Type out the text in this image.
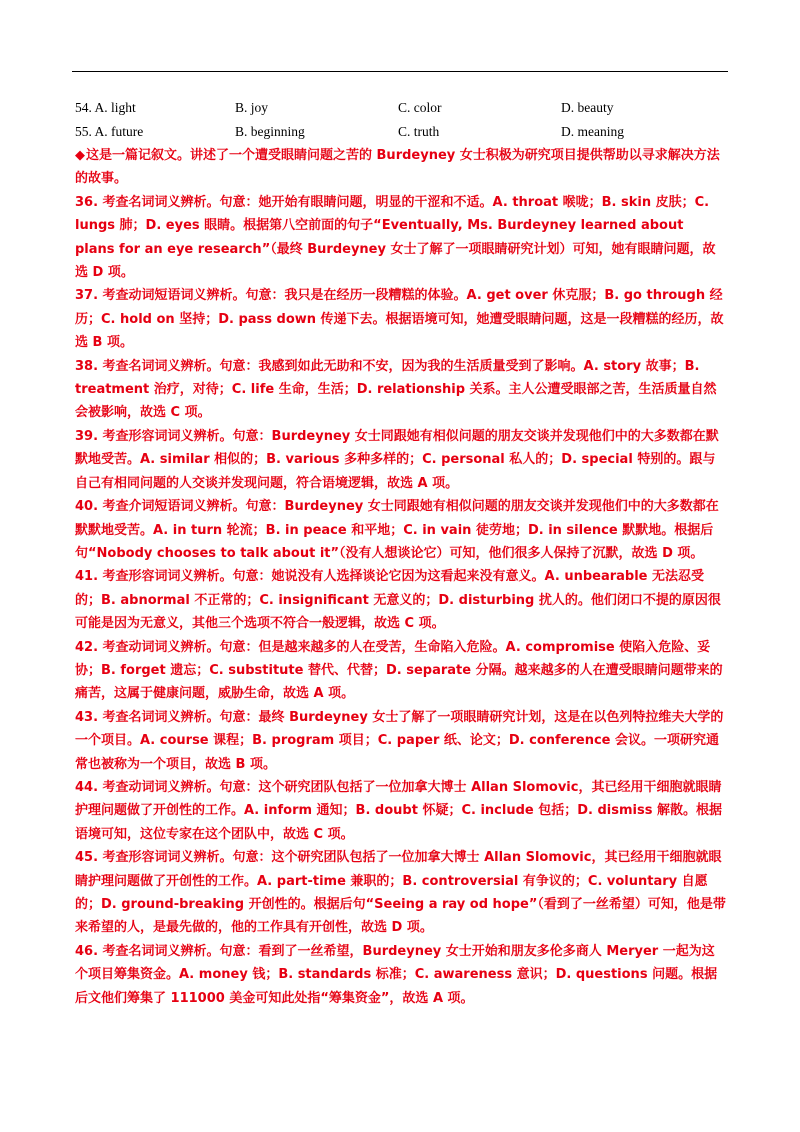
54. A. light	B. joy	C. color	D. beauty
55. A. future	B. beginning	C. truth	D. meaning

◆这是一篇记叙文。讲述了一个遭受眼睛问题之苦的 Burdeyney 女士积极为研究项目提供帮助以寻求解决方法的故事。

36. 考查名词词义辨析。句意：她开始有眼睛问题，明显的干涩和不适。A. throat 喉咙；B. skin 皮肤；C. lungs 肺；D. eyes 眼睛。根据第八空前面的句子“Eventually, Ms. Burdeyney learned about plans for an eye research”（最终 Burdeyney 女士了解了一项眼睛研究计划）可知，她有眼睛问题，故选 D 项。

37. 考查动词短语词义辨析。句意：我只是在经历一段糟糕的体验。A. get over 休克服；B. go through 经历；C. hold on 坚持；D. pass down 传递下去。根据语境可知，她遭受眼睛问题，这是一段糟糕的经历，故选 B 项。

38. 考查名词词义辨析。句意：我感到如此无助和不安，因为我的生活质量受到了影响。A. story 故事；B. treatment 治疗，对待；C. life 生命，生活；D. relationship 关系。主人公遭受眼部之苦，生活质量自然会被影响，故选 C 项。

39. 考查形容词词义辨析。句意：Burdeyney 女士同跟她有相似问题的朋友交谈并发现他们中的大多数都在默默地受苦。A. similar 相似的；B. various 多种多样的；C. personal 私人的；D. special 特别的。跟与自己有相同问题的人交谈并发现问题，符合语境逻辑，故选 A 项。

40. 考查介词短语词义辨析。句意：Burdeyney 女士同跟她有相似问题的朋友交谈并发现他们中的大多数都在默默地受苦。A. in turn 轮流；B. in peace 和平地；C. in vain 徒劳地；D. in silence 默默地。根据后句“Nobody chooses to talk about it”（没有人想谈论它）可知，他们很多人保持了沉默，故选 D 项。

41. 考查形容词词义辨析。句意：她说没有人选择谈论它因为这看起来没有意义。A. unbearable 无法忍受的；B. abnormal 不正常的；C. insignificant 无意义的；D. disturbing 扰人的。他们闭口不提的原因很可能是因为无意义，其他三个选项不符合一般逻辑，故选 C 项。

42. 考查动词词义辨析。句意：但是越来越多的人在受苦，生命陷入危险。A. compromise 使陷入危险、妥协；B. forget 遗忘；C. substitute 替代、代替；D. separate 分隔。越来越多的人在遭受眼睛问题带来的痛苦，这属于健康问题，威胁生命，故选 A 项。

43. 考查名词词义辨析。句意：最终 Burdeyney 女士了解了一项眼睛研究计划，这是在以色列特拉维夫大学的一个项目。A. course 课程；B. program 项目；C. paper 纸、论文；D. conference 会议。一项研究通常也被称为一个项目，故选 B 项。

44. 考查动词词义辨析。句意：这个研究团队包括了一位加拿大博士 Allan Slomovic，其已经用干细胞就眼睛护理问题做了开创性的工作。A. inform 通知；B. doubt 怀疑；C. include 包括；D. dismiss 解散。根据语境可知，这位专家在这个团队中，故选 C 项。

45. 考查形容词词义辨析。句意：这个研究团队包括了一位加拿大博士 Allan Slomovic，其已经用干细胞就眼睛护理问题做了开创性的工作。A. part-time 兼职的；B. controversial 有争议的；C. voluntary 自愿的；D. ground-breaking 开创性的。根据后句“Seeing a ray od hope”（看到了一丝希望）可知，他是带来希望的人，是最先做的，他的工作具有开创性，故选 D 项。

46. 考查名词词义辨析。句意：看到了一丝希望，Burdeyney 女士开始和朋友多伦多商人 Meryer 一起为这个项目筹集资金。A. money 钱；B. standards 标准；C. awareness 意识；D. questions 问题。根据后文他们筹集了 111000 美金可知此处指“筹集资金”，故选 A 项。
